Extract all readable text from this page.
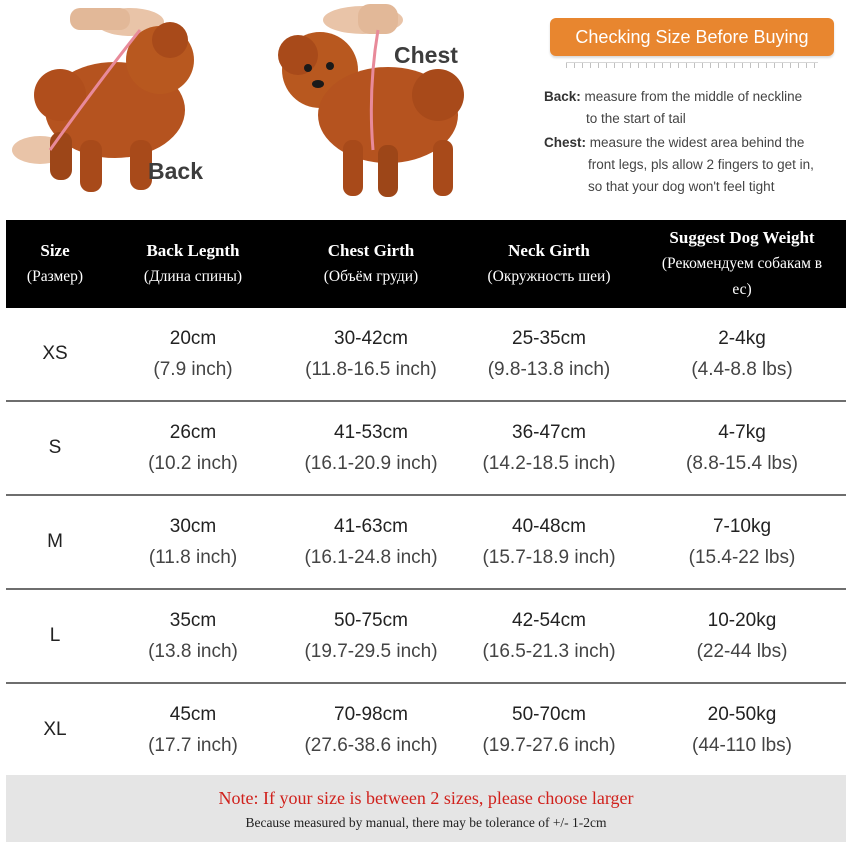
Back
Chest
Checking Size Before Buying
Back: measure from the middle of neckline
to the start of tail
Chest: measure the widest area behind the
front legs, pls allow 2 fingers to get in,
so that your dog won't feel tight
Size
(Размер)
Back Legnth
(Длина спины)
Chest Girth
(Объём груди)
Neck Girth
(Окружность шеи)
Suggest Dog Weight
(Рекомендуем собакам в
ес)
XS
20cm
(7.9 inch)
30-42cm
(11.8-16.5 inch)
25-35cm
(9.8-13.8 inch)
2-4kg
(4.4-8.8 lbs)
S
26cm
(10.2 inch)
41-53cm
(16.1-20.9 inch)
36-47cm
(14.2-18.5 inch)
4-7kg
(8.8-15.4 lbs)
M
30cm
(11.8 inch)
41-63cm
(16.1-24.8 inch)
40-48cm
(15.7-18.9 inch)
7-10kg
(15.4-22 lbs)
L
35cm
(13.8 inch)
50-75cm
(19.7-29.5 inch)
42-54cm
(16.5-21.3 inch)
10-20kg
(22-44 lbs)
XL
45cm
(17.7 inch)
70-98cm
(27.6-38.6 inch)
50-70cm
(19.7-27.6 inch)
20-50kg
(44-110 lbs)
Note: If your size is between 2 sizes, please choose larger
Because measured by manual, there may be tolerance of +/- 1-2cm
